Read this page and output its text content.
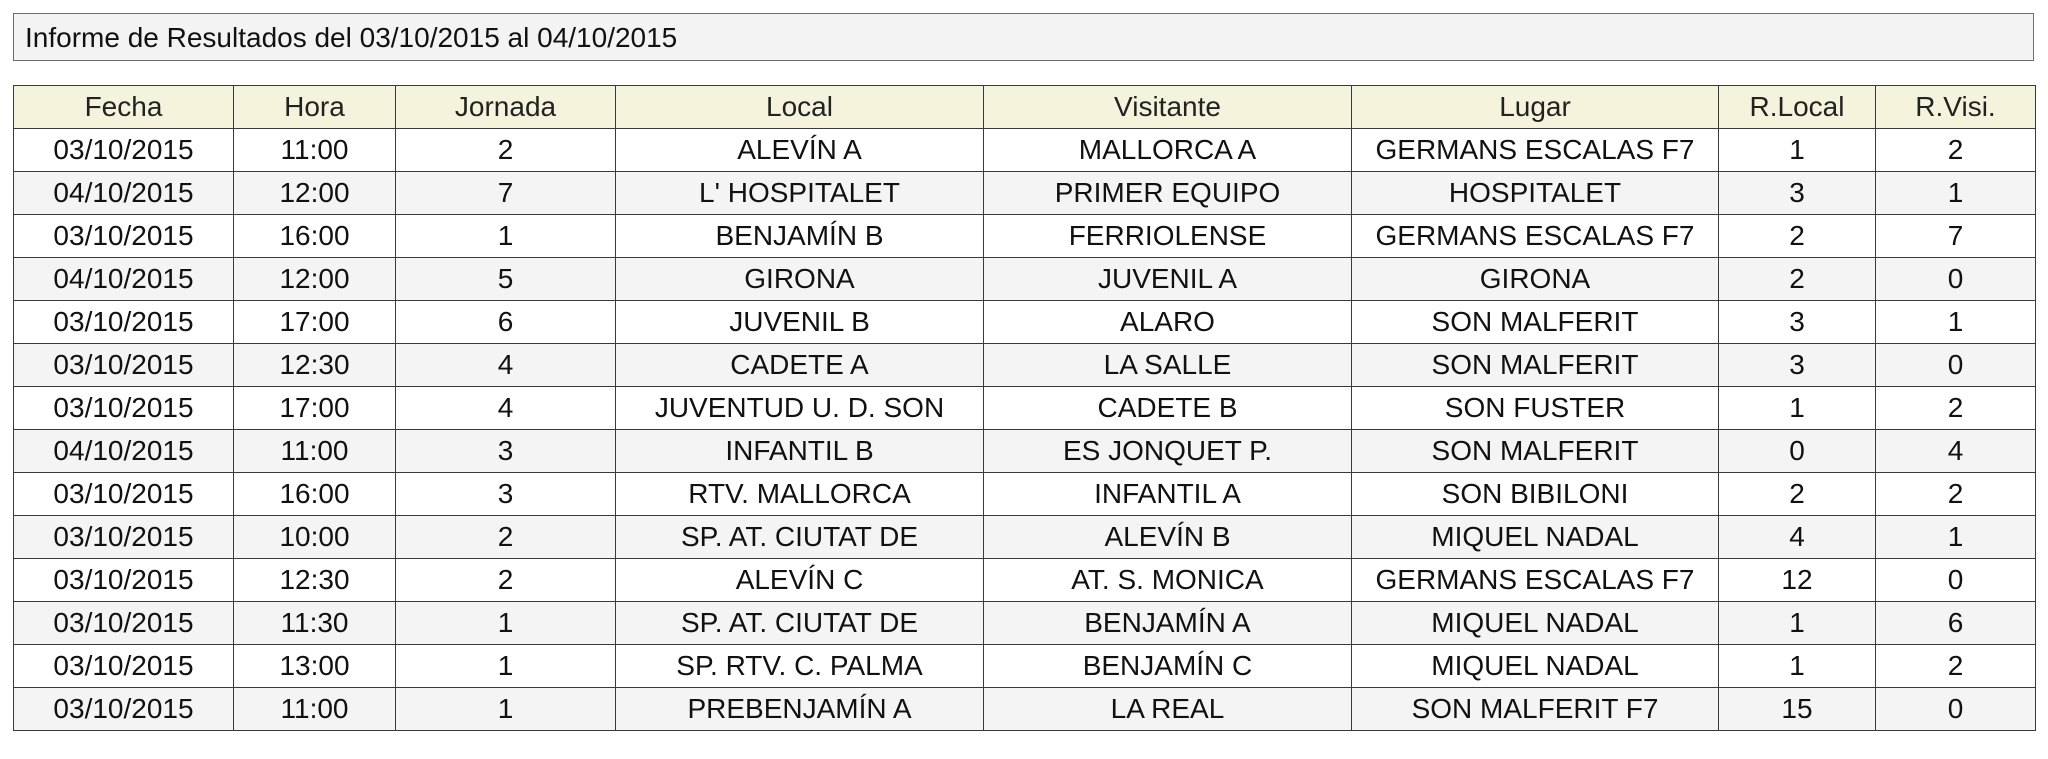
Informe de Resultados del 03/10/2015 al 04/10/2015
Fecha	Hora	Jornada	Local	Visitante	Lugar	R.Local	R.Visi.
03/10/2015	11:00	2	ALEVÍN A	MALLORCA A	GERMANS ESCALAS F7	1	2
04/10/2015	12:00	7	L' HOSPITALET	PRIMER EQUIPO	HOSPITALET	3	1
03/10/2015	16:00	1	BENJAMÍN B	FERRIOLENSE	GERMANS ESCALAS F7	2	7
04/10/2015	12:00	5	GIRONA	JUVENIL A	GIRONA	2	0
03/10/2015	17:00	6	JUVENIL B	ALARO	SON MALFERIT	3	1
03/10/2015	12:30	4	CADETE A	LA SALLE	SON MALFERIT	3	0
03/10/2015	17:00	4	JUVENTUD U. D. SON	CADETE B	SON FUSTER	1	2
04/10/2015	11:00	3	INFANTIL B	ES JONQUET P.	SON MALFERIT	0	4
03/10/2015	16:00	3	RTV. MALLORCA	INFANTIL A	SON BIBILONI	2	2
03/10/2015	10:00	2	SP. AT. CIUTAT DE	ALEVÍN B	MIQUEL NADAL	4	1
03/10/2015	12:30	2	ALEVÍN C	AT. S. MONICA	GERMANS ESCALAS F7	12	0
03/10/2015	11:30	1	SP. AT. CIUTAT DE	BENJAMÍN A	MIQUEL NADAL	1	6
03/10/2015	13:00	1	SP. RTV. C. PALMA	BENJAMÍN C	MIQUEL NADAL	1	2
03/10/2015	11:00	1	PREBENJAMÍN A	LA REAL	SON MALFERIT F7	15	0
